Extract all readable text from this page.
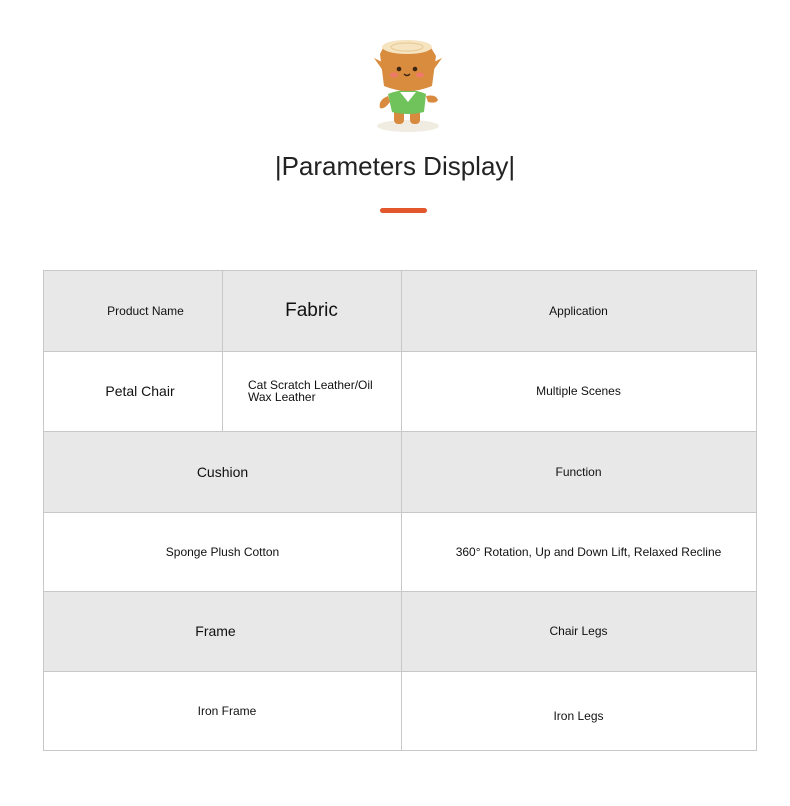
|Parameters Display|
Product Name	Fabric	Application
Petal Chair	Cat Scratch Leather/Oil Wax Leather	Multiple Scenes
Cushion	Function
Sponge Plush Cotton	360° Rotation, Up and Down Lift, Relaxed Recline
Frame	Chair Legs
Iron Frame	Iron Legs
